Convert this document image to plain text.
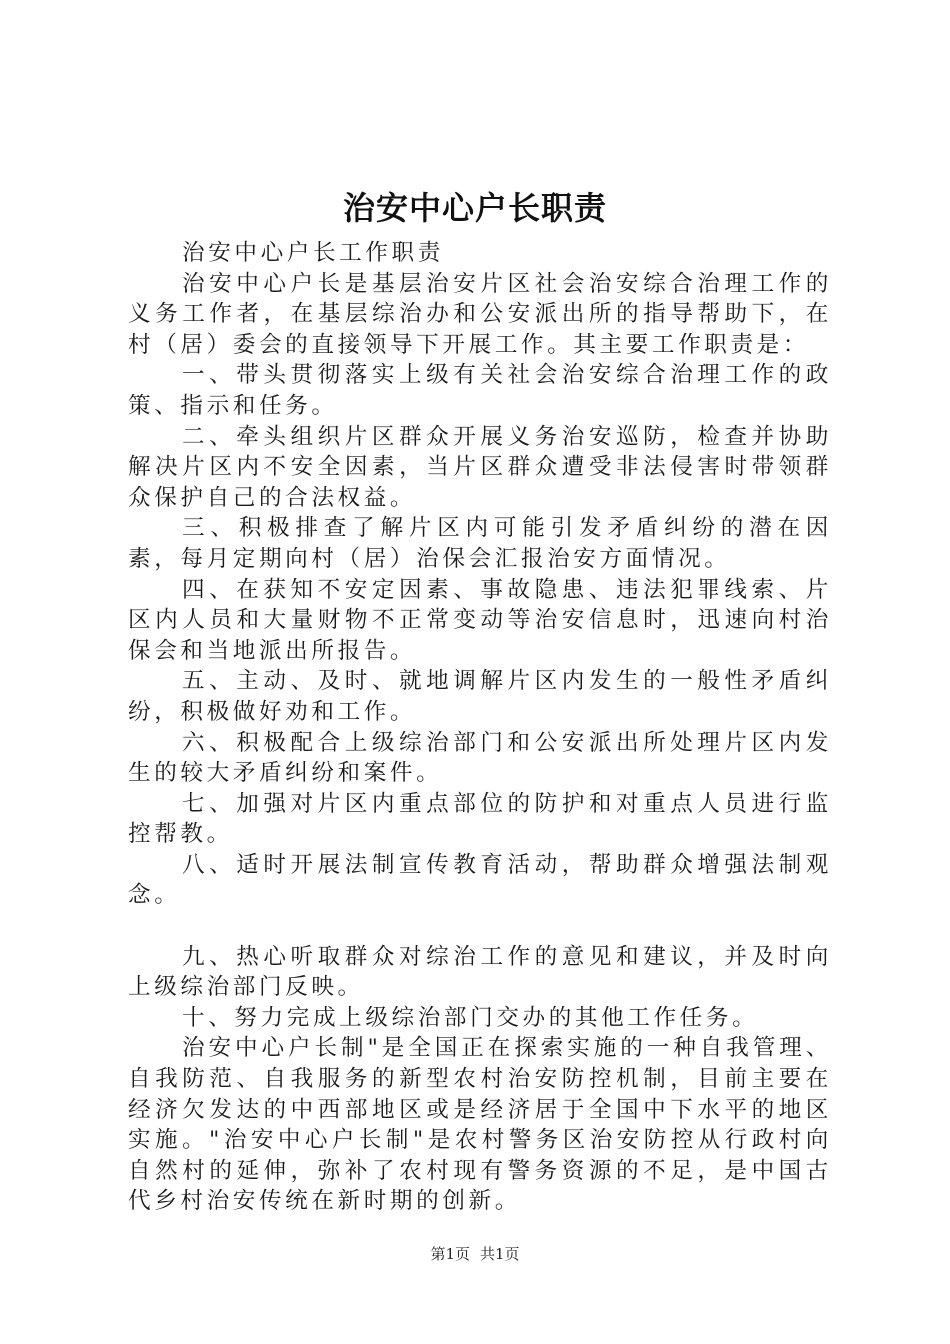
治安中心户长职责

治安中心户长工作职责

治安中心户长是基层治安片区社会治安综合治理工作的义务工作者，在基层综治办和公安派出所的指导帮助下，在村（居）委会的直接领导下开展工作。其主要工作职责是：

一、带头贯彻落实上级有关社会治安综合治理工作的政策、指示和任务。

二、牵头组织片区群众开展义务治安巡防，检查并协助解决片区内不安全因素，当片区群众遭受非法侵害时带领群众保护自己的合法权益。

三、积极排查了解片区内可能引发矛盾纠纷的潜在因素，每月定期向村（居）治保会汇报治安方面情况。

四、在获知不安定因素、事故隐患、违法犯罪线索、片区内人员和大量财物不正常变动等治安信息时，迅速向村治保会和当地派出所报告。

五、主动、及时、就地调解片区内发生的一般性矛盾纠纷，积极做好劝和工作。

六、积极配合上级综治部门和公安派出所处理片区内发生的较大矛盾纠纷和案件。

七、加强对片区内重点部位的防护和对重点人员进行监控帮教。

八、适时开展法制宣传教育活动，帮助群众增强法制观念。

九、热心听取群众对综治工作的意见和建议，并及时向上级综治部门反映。

十、努力完成上级综治部门交办的其他工作任务。

治安中心户长制"是全国正在探索实施的一种自我管理、自我防范、自我服务的新型农村治安防控机制，目前主要在经济欠发达的中西部地区或是经济居于全国中下水平的地区实施。"治安中心户长制"是农村警务区治安防控从行政村向自然村的延伸，弥补了农村现有警务资源的不足，是中国古代乡村治安传统在新时期的创新。

第1页 共1页
